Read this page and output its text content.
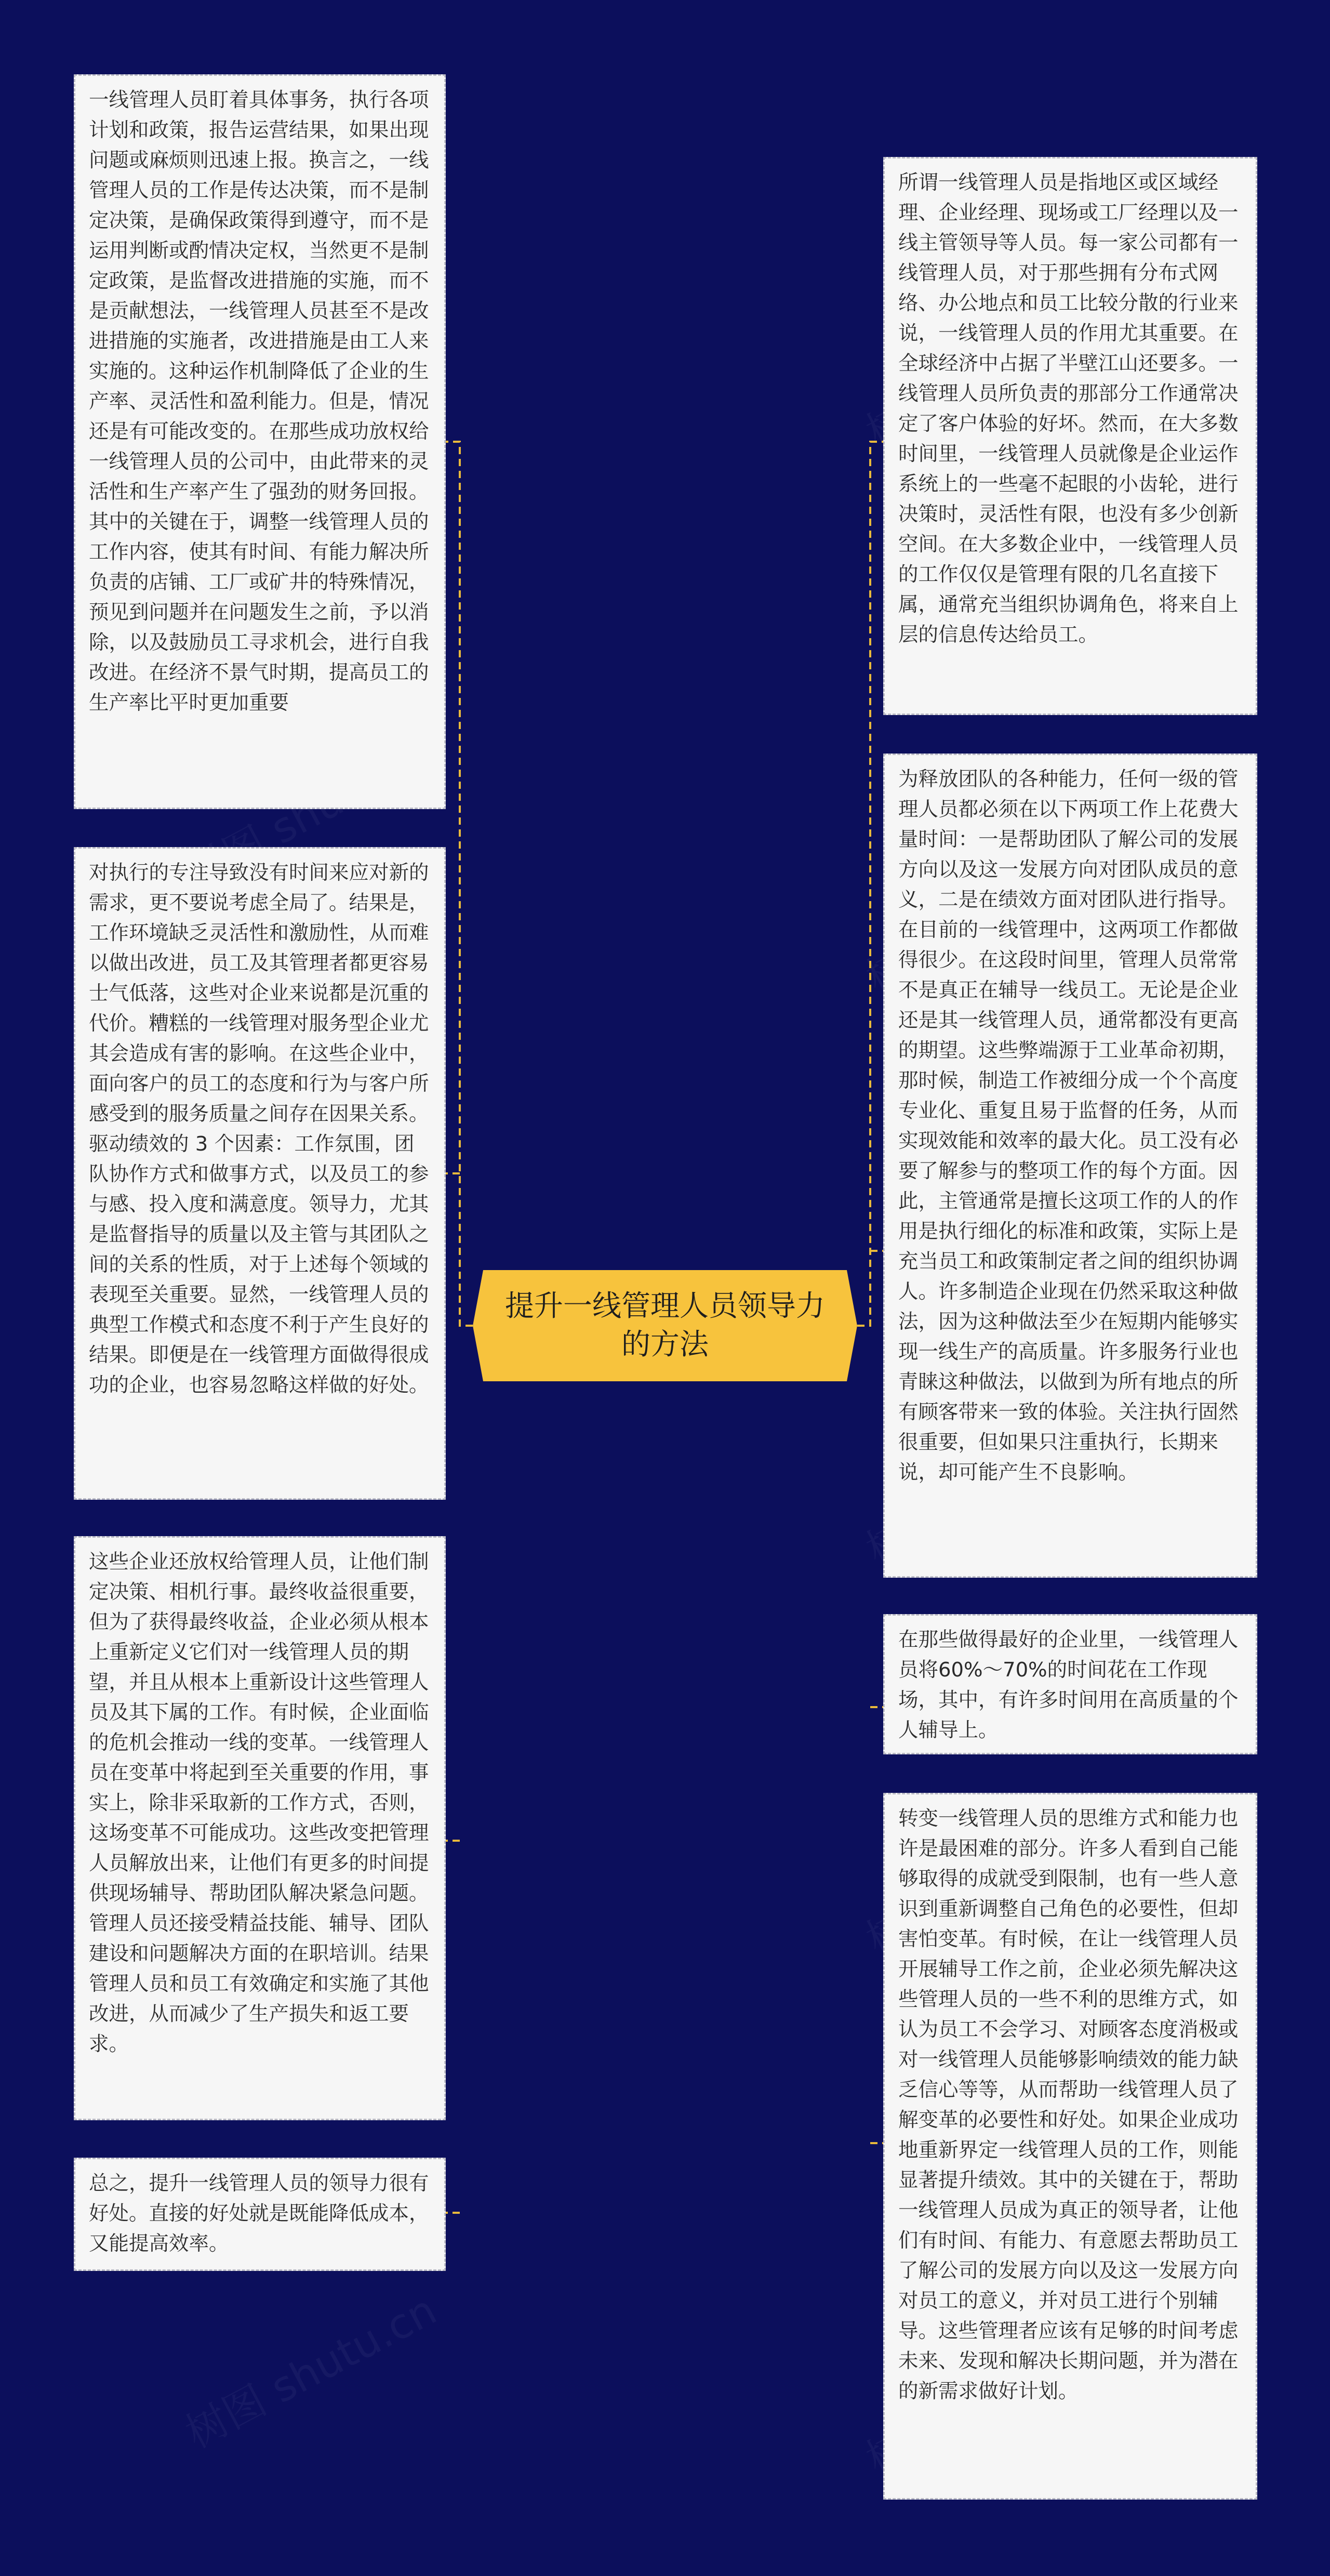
提升一线管理人员领导力
的方法
一线管理人员盯着具体事务，执行各项计划和政策，报告运营结果，如果出现问题或麻烦则迅速上报。换言之，一线管理人员的工作是传达决策，而不是制定决策，是确保政策得到遵守，而不是运用判断或酌情决定权，当然更不是制定政策，是监督改进措施的实施，而不是贡献想法，一线管理人员甚至不是改进措施的实施者，改进措施是由工人来实施的。这种运作机制降低了企业的生产率、灵活性和盈利能力。但是，情况还是有可能改变的。在那些成功放权给一线管理人员的公司中，由此带来的灵活性和生产率产生了强劲的财务回报。其中的关键在于，调整一线管理人员的工作内容，使其有时间、有能力解决所负责的店铺、工厂或矿井的特殊情况，预见到问题并在问题发生之前，予以消除，以及鼓励员工寻求机会，进行自我改进。在经济不景气时期，提高员工的生产率比平时更加重要
对执行的专注导致没有时间来应对新的需求，更不要说考虑全局了。结果是，工作环境缺乏灵活性和激励性，从而难以做出改进，员工及其管理者都更容易士气低落，这些对企业来说都是沉重的代价。糟糕的一线管理对服务型企业尤其会造成有害的影响。在这些企业中，面向客户的员工的态度和行为与客户所感受到的服务质量之间存在因果关系。驱动绩效的 3 个因素：工作氛围，团队协作方式和做事方式，以及员工的参与感、投入度和满意度。领导力，尤其是监督指导的质量以及主管与其团队之间的关系的性质，对于上述每个领域的表现至关重要。显然，一线管理人员的典型工作模式和态度不利于产生良好的结果。即便是在一线管理方面做得很成功的企业，也容易忽略这样做的好处。
这些企业还放权给管理人员，让他们制定决策、相机行事。最终收益很重要，但为了获得最终收益，企业必须从根本上重新定义它们对一线管理人员的期望，并且从根本上重新设计这些管理人员及其下属的工作。有时候，企业面临的危机会推动一线的变革。一线管理人员在变革中将起到至关重要的作用，事实上，除非采取新的工作方式，否则，这场变革不可能成功。这些改变把管理人员解放出来，让他们有更多的时间提供现场辅导、帮助团队解决紧急问题。管理人员还接受精益技能、辅导、团队建设和问题解决方面的在职培训。结果管理人员和员工有效确定和实施了其他改进，从而减少了生产损失和返工要求。
总之，提升一线管理人员的领导力很有好处。直接的好处就是既能降低成本，又能提高效率。
所谓一线管理人员是指地区或区域经理、企业经理、现场或工厂经理以及一线主管领导等人员。每一家公司都有一线管理人员，对于那些拥有分布式网络、办公地点和员工比较分散的行业来说，一线管理人员的作用尤其重要。在全球经济中占据了半壁江山还要多。一线管理人员所负责的那部分工作通常决定了客户体验的好坏。然而，在大多数时间里，一线管理人员就像是企业运作系统上的一些毫不起眼的小齿轮，进行决策时，灵活性有限，也没有多少创新空间。在大多数企业中，一线管理人员的工作仅仅是管理有限的几名直接下属，通常充当组织协调角色，将来自上层的信息传达给员工。
为释放团队的各种能力，任何一级的管理人员都必须在以下两项工作上花费大量时间：一是帮助团队了解公司的发展方向以及这一发展方向对团队成员的意义，二是在绩效方面对团队进行指导。在目前的一线管理中，这两项工作都做得很少。在这段时间里，管理人员常常不是真正在辅导一线员工。无论是企业还是其一线管理人员，通常都没有更高的期望。这些弊端源于工业革命初期，那时候，制造工作被细分成一个个高度专业化、重复且易于监督的任务，从而实现效能和效率的最大化。员工没有必要了解参与的整项工作的每个方面。因此，主管通常是擅长这项工作的人的作用是执行细化的标准和政策，实际上是充当员工和政策制定者之间的组织协调人。许多制造企业现在仍然采取这种做法，因为这种做法至少在短期内能够实现一线生产的高质量。许多服务行业也青睐这种做法，以做到为所有地点的所有顾客带来一致的体验。关注执行固然很重要，但如果只注重执行，长期来说，却可能产生不良影响。
在那些做得最好的企业里，一线管理人员将60%～70%的时间花在工作现场，其中，有许多时间用在高质量的个人辅导上。
转变一线管理人员的思维方式和能力也许是最困难的部分。许多人看到自己能够取得的成就受到限制，也有一些人意识到重新调整自己角色的必要性，但却害怕变革。有时候，在让一线管理人员开展辅导工作之前，企业必须先解决这些管理人员的一些不利的思维方式，如认为员工不会学习、对顾客态度消极或对一线管理人员能够影响绩效的能力缺乏信心等等，从而帮助一线管理人员了解变革的必要性和好处。如果企业成功地重新界定一线管理人员的工作，则能显著提升绩效。其中的关键在于，帮助一线管理人员成为真正的领导者，让他们有时间、有能力、有意愿去帮助员工了解公司的发展方向以及这一发展方向对员工的意义，并对员工进行个别辅导。这些管理者应该有足够的时间考虑未来、发现和解决长期问题，并为潜在的新需求做好计划。
